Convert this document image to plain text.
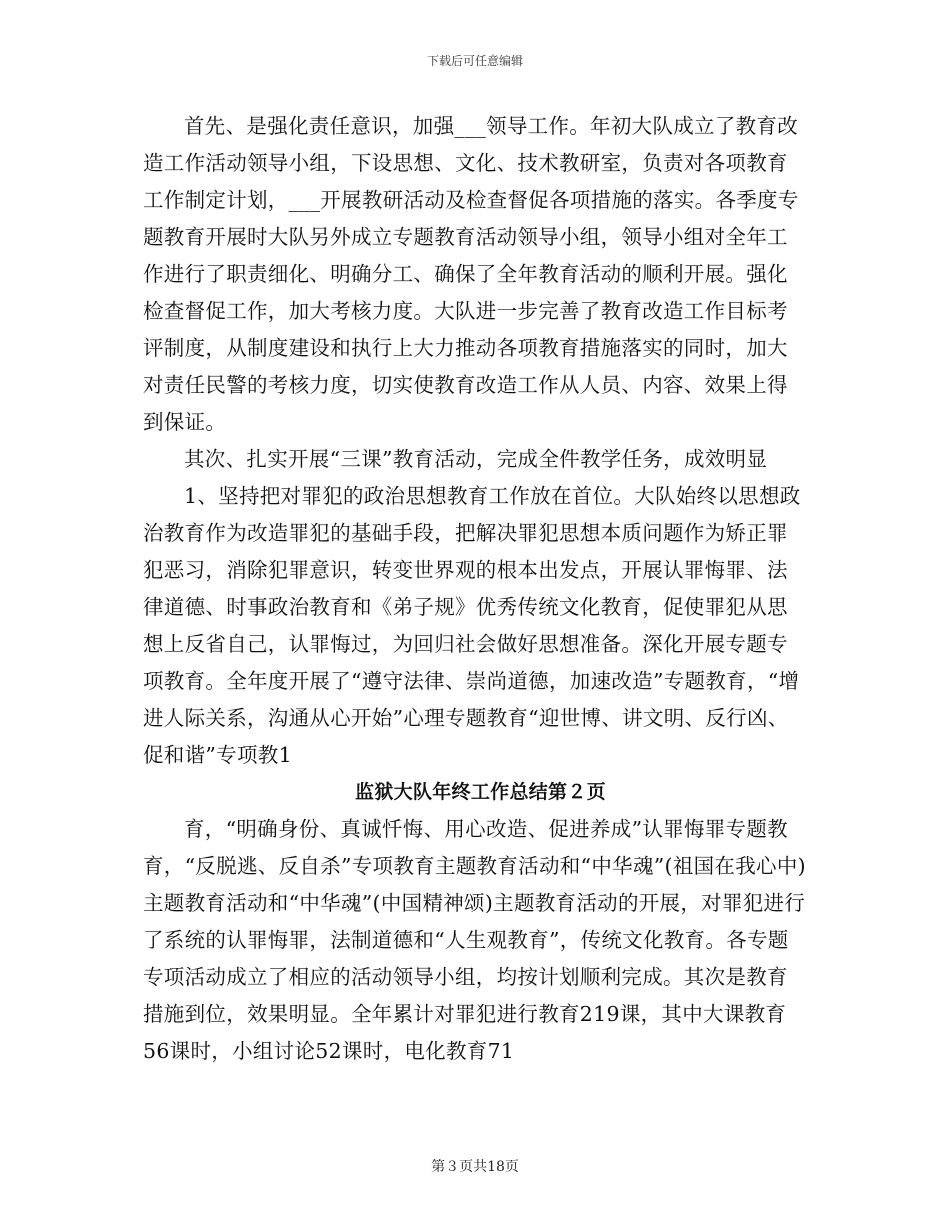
下载后可任意编辑

首先、是强化责任意识，加强___领导工作。年初大队成立了教育改造工作活动领导小组，下设思想、文化、技术教研室，负责对各项教育工作制定计划，___开展教研活动及检查督促各项措施的落实。各季度专题教育开展时大队另外成立专题教育活动领导小组，领导小组对全年工作进行了职责细化、明确分工、确保了全年教育活动的顺利开展。强化检查督促工作，加大考核力度。大队进一步完善了教育改造工作目标考评制度，从制度建设和执行上大力推动各项教育措施落实的同时，加大对责任民警的考核力度，切实使教育改造工作从人员、内容、效果上得到保证。

其次、扎实开展“三课”教育活动，完成全件教学任务，成效明显

1、坚持把对罪犯的政治思想教育工作放在首位。大队始终以思想政治教育作为改造罪犯的基础手段，把解决罪犯思想本质问题作为矫正罪犯恶习，消除犯罪意识，转变世界观的根本出发点，开展认罪悔罪、法律道德、时事政治教育和《弟子规》优秀传统文化教育，促使罪犯从思想上反省自己，认罪悔过，为回归社会做好思想准备。深化开展专题专项教育。全年度开展了“遵守法律、崇尚道德，加速改造”专题教育，“增进人际关系，沟通从心开始”心理专题教育“迎世博、讲文明、反行凶、促和谐”专项教1

监狱大队年终工作总结第２页

育，“明确身份、真诚忏悔、用心改造、促进养成”认罪悔罪专题教育，“反脱逃、反自杀”专项教育主题教育活动和“中华魂”(祖国在我心中)主题教育活动和“中华魂”(中国精神颂)主题教育活动的开展，对罪犯进行了系统的认罪悔罪，法制道德和“人生观教育”，传统文化教育。各专题专项活动成立了相应的活动领导小组，均按计划顺利完成。其次是教育措施到位，效果明显。全年累计对罪犯进行教育219课，其中大课教育56课时，小组讨论52课时，电化教育71

第３页共18页
